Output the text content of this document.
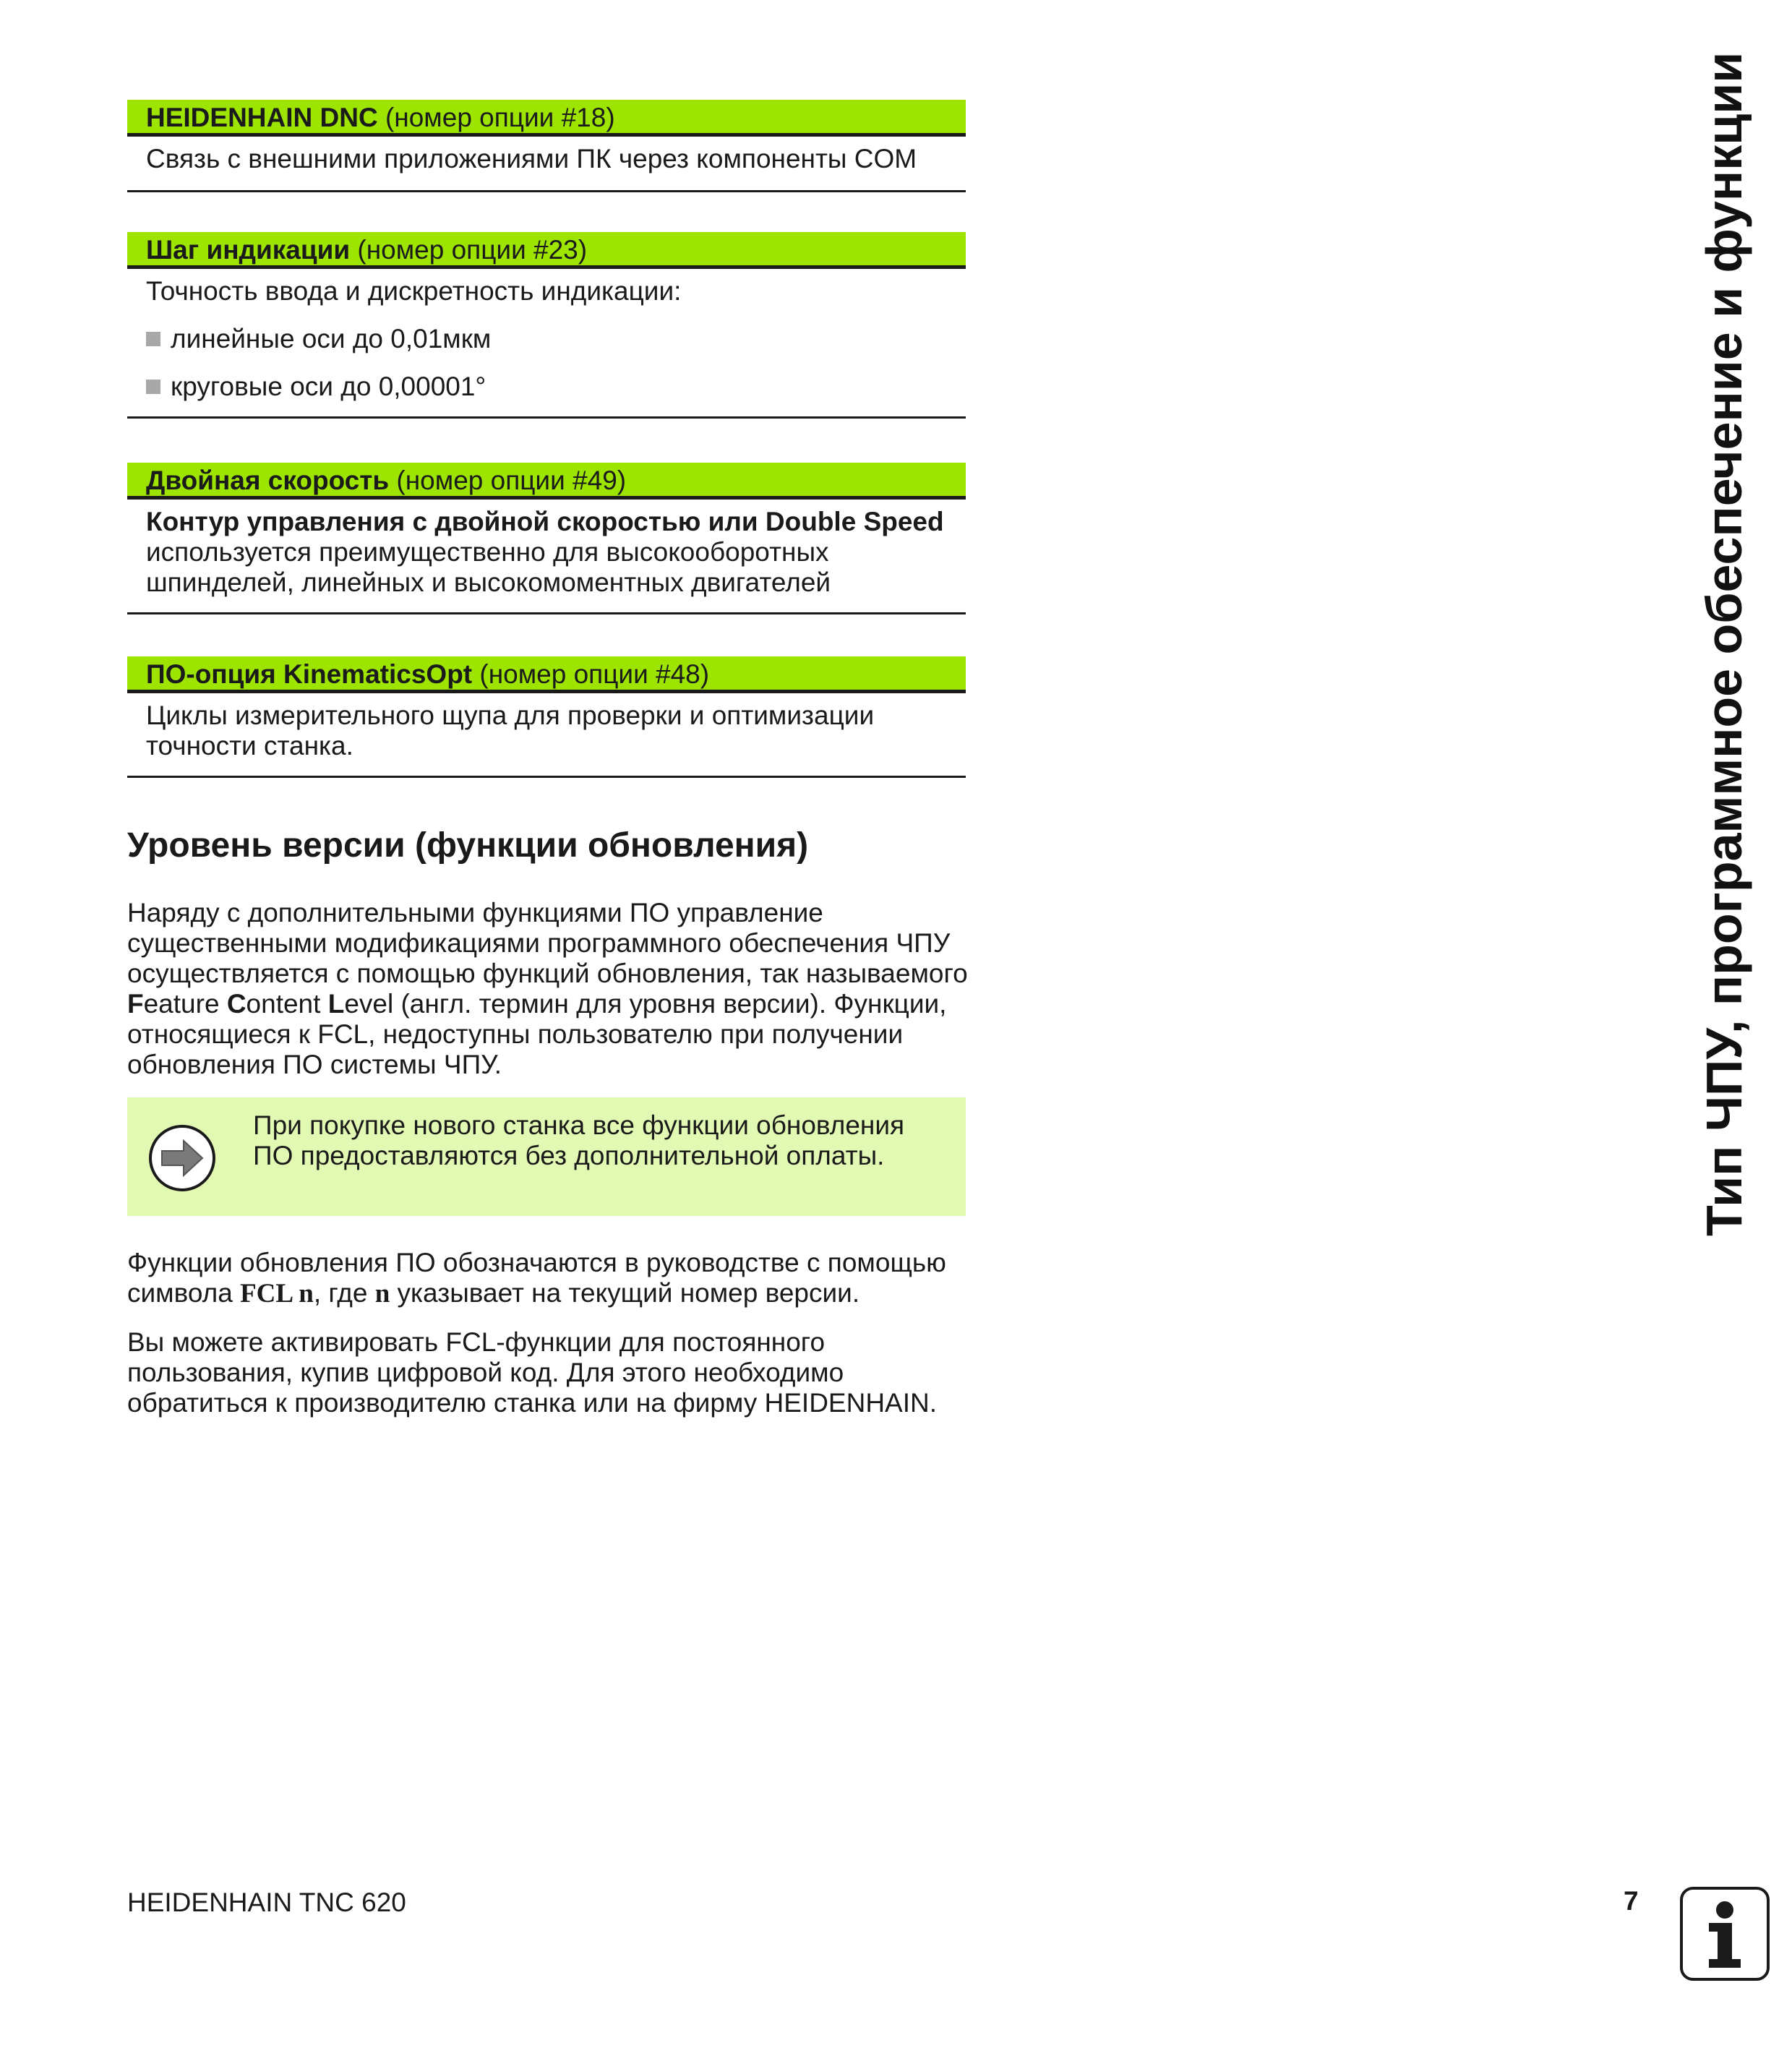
HEIDENHAIN DNC (номер опции #18)

Связь с внешними приложениями ПК через компоненты COM

Шаг индикации (номер опции #23)

Точность ввода и дискретность индикации:

линейные оси до 0,01мкм
круговые оси до 0,00001°
Двойная скорость (номер опции #49)

Контур управления с двойной скоростью или Double Speed

используется преимущественно для высокооборотных шпинделей, линейных и высокомоментных двигателей

ПО-опция KinematicsOpt (номер опции #48)

Циклы измерительного щупа для проверки и оптимизации точности станка.

Уровень версии (функции обновления)

Наряду с дополнительными функциями ПО управление существенными модификациями программного обеспечения ЧПУ осуществляется с помощью функций обновления, так называемого Feature Content Level (англ. термин для уровня версии). Функции, относящиеся к FCL, недоступны пользователю при получении обновления ПО системы ЧПУ.

При покупке нового станка все функции обновления ПО предоставляются без дополнительной оплаты.

Функции обновления ПО обозначаются в руководстве с помощью символа FCL n, где n указывает на текущий номер версии.

Вы можете активировать FCL-функции для постоянного пользования, купив цифровой код. Для этого необходимо обратиться к производителю станка или на фирму HEIDENHAIN.

Тип ЧПУ, программное обеспечение и функции
HEIDENHAIN TNC 620	7
